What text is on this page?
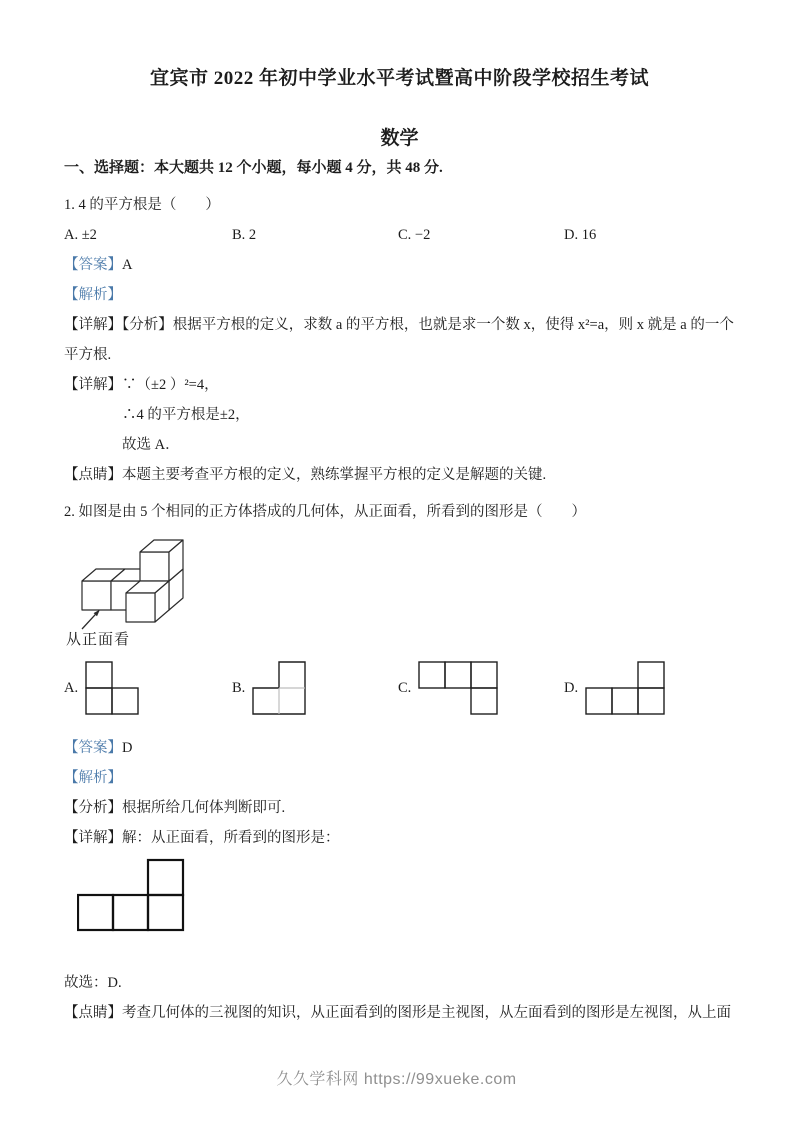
宜宾市 2022 年初中学业水平考试暨高中阶段学校招生考试
数学
一、选择题：本大题共 12 个小题，每小题 4 分，共 48 分.
1. 4 的平方根是（　　）
A. ±2	B. 2	C. −2	D. 16
【答案】A
【解析】
【详解】【分析】根据平方根的定义，求数 a 的平方根，也就是求一个数 x，使得 x²=a，则 x 就是 a 的一个
平方根.
【详解】∵（±2 ）²=4，
∴4 的平方根是±2，
故选 A．
【点睛】本题主要考查平方根的定义，熟练掌握平方根的定义是解题的关键.
2. 如图是由 5 个相同的正方体搭成的几何体，从正面看，所看到的图形是（　　）
从正面看
A.	B.	C.	D.
【答案】D
【解析】
【分析】根据所给几何体判断即可.
【详解】解：从正面看，所看到的图形是：
故选：D.
【点睛】考查几何体的三视图的知识，从正面看到的图形是主视图，从左面看到的图形是左视图，从上面
久久学科网 https://99xueke.com
